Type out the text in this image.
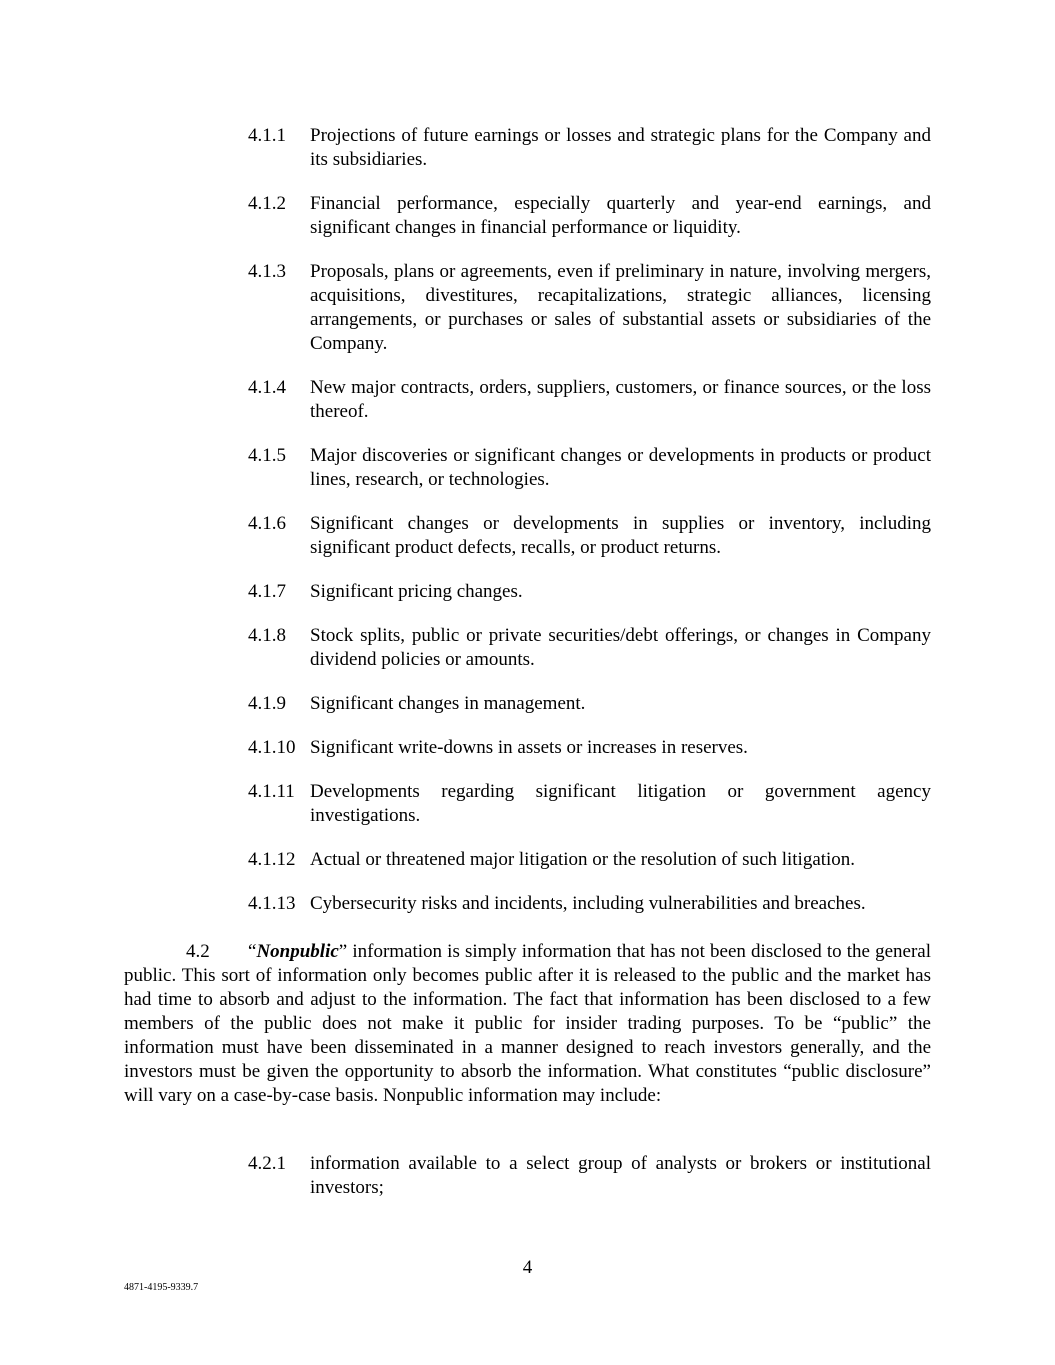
4.1.1	Projections of future earnings or losses and strategic plans for the Company and its subsidiaries.
4.1.2	Financial performance, especially quarterly and year-end earnings, and significant changes in financial performance or liquidity.
4.1.3	Proposals, plans or agreements, even if preliminary in nature, involving mergers, acquisitions, divestitures, recapitalizations, strategic alliances, licensing arrangements, or purchases or sales of substantial assets or subsidiaries of the Company.
4.1.4	New major contracts, orders, suppliers, customers, or finance sources, or the loss thereof.
4.1.5	Major discoveries or significant changes or developments in products or product lines, research, or technologies.
4.1.6	Significant changes or developments in supplies or inventory, including significant product defects, recalls, or product returns.
4.1.7	Significant pricing changes.
4.1.8	Stock splits, public or private securities/debt offerings, or changes in Company dividend policies or amounts.
4.1.9	Significant changes in management.
4.1.10 Significant write-downs in assets or increases in reserves.
4.1.11 Developments regarding significant litigation or government agency investigations.
4.1.12 Actual or threatened major litigation or the resolution of such litigation.
4.1.13 Cybersecurity risks and incidents, including vulnerabilities and breaches.
4.2 “Nonpublic” information is simply information that has not been disclosed to the general public. This sort of information only becomes public after it is released to the public and the market has had time to absorb and adjust to the information. The fact that information has been disclosed to a few members of the public does not make it public for insider trading purposes. To be “public” the information must have been disseminated in a manner designed to reach investors generally, and the investors must be given the opportunity to absorb the information. What constitutes “public disclosure” will vary on a case-by-case basis. Nonpublic information may include:
4.2.1	information available to a select group of analysts or brokers or institutional investors;
4
4871-4195-9339.7
